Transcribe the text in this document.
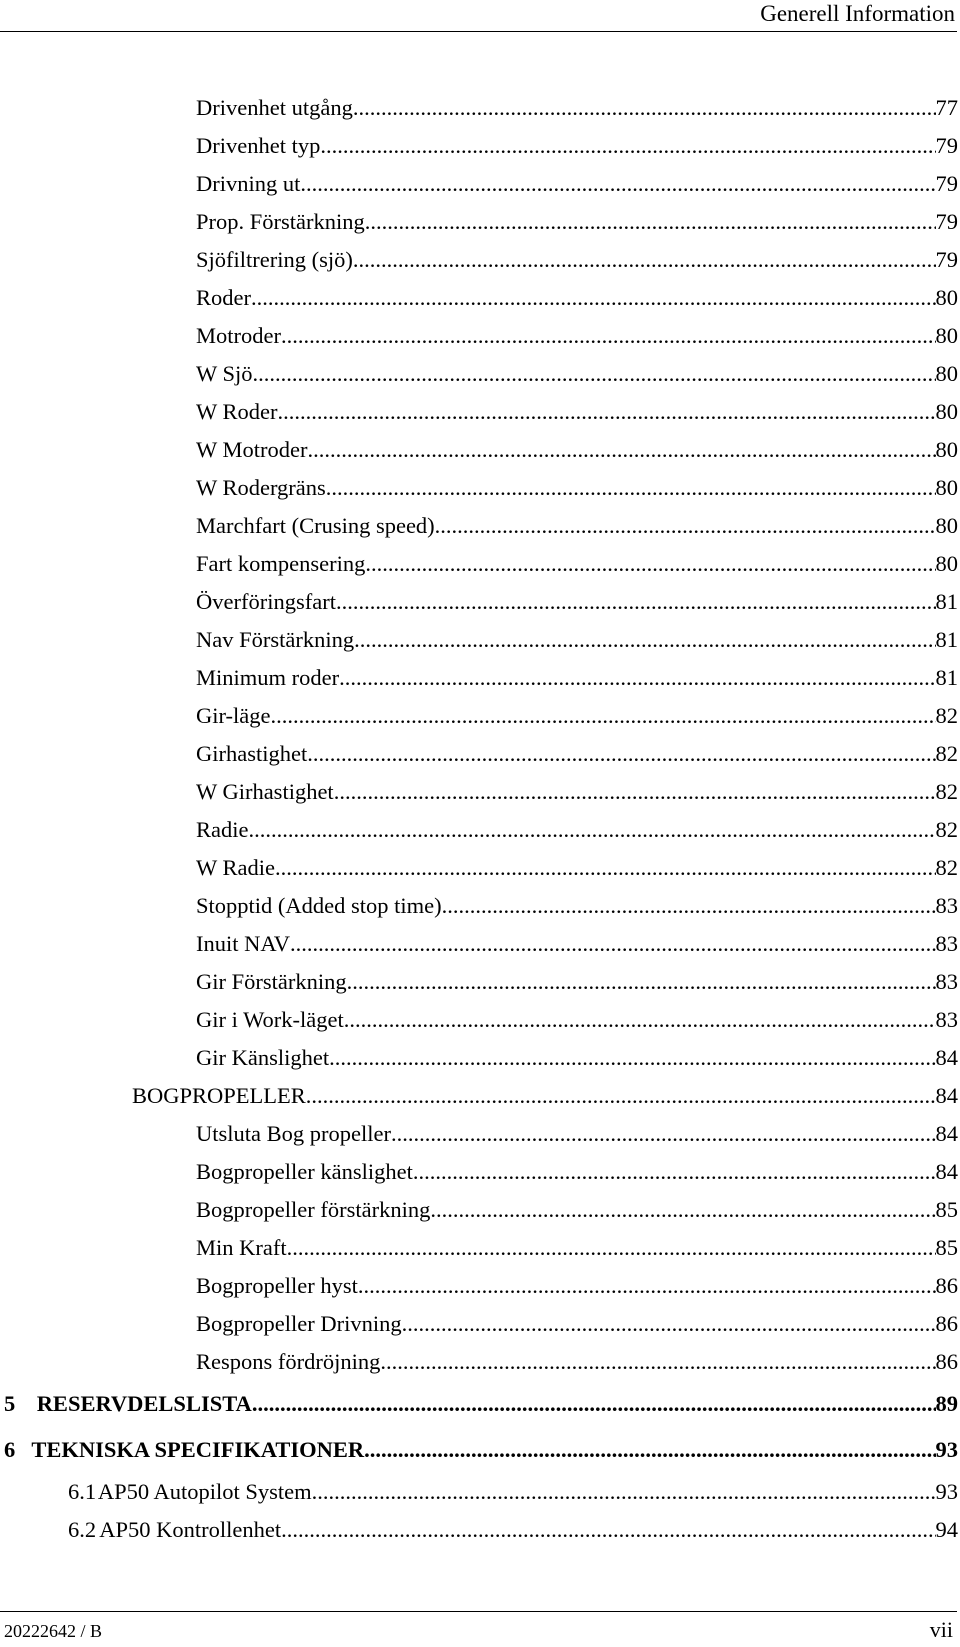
Generell Information
Drivenhet utgång .....	77
Drivenhet typ. .....	79
Drivning ut .....	79
Prop. Förstärkning .....	79
Sjöfiltrering (sjö) .....	79
Roder .....	80
Motroder .....	80
W Sjö .....	80
W Roder .....	80
W Motroder .....	80
W Rodergräns .....	80
Marchfart (Crusing speed) .....	80
Fart kompensering .....	80
Överföringsfart .....	81
Nav Förstärkning .....	81
Minimum roder .....	81
Gir-läge .....	82
Girhastighet .....	82
W Girhastighet .....	82
Radie .....	82
W Radie .....	82
Stopptid (Added stop time) .....	83
Inuit NAV .....	83
Gir Förstärkning .....	83
Gir i Work-läget .....	83
Gir Känslighet .....	84
BOGPROPELLER .....	84
Utsluta Bog propeller .....	84
Bogpropeller känslighet .....	84
Bogpropeller förstärkning .....	85
Min Kraft .....	85
Bogpropeller hyst .....	86
Bogpropeller Drivning .....	86
Respons fördröjning .....	86
5 RESERVDELSLISTA .....	89
6 TEKNISKA SPECIFIKATIONER .....	93
6.1 AP50 Autopilot System .....	93
6.2 AP50 Kontrollenhet .....	94
20222642 / B	vii
